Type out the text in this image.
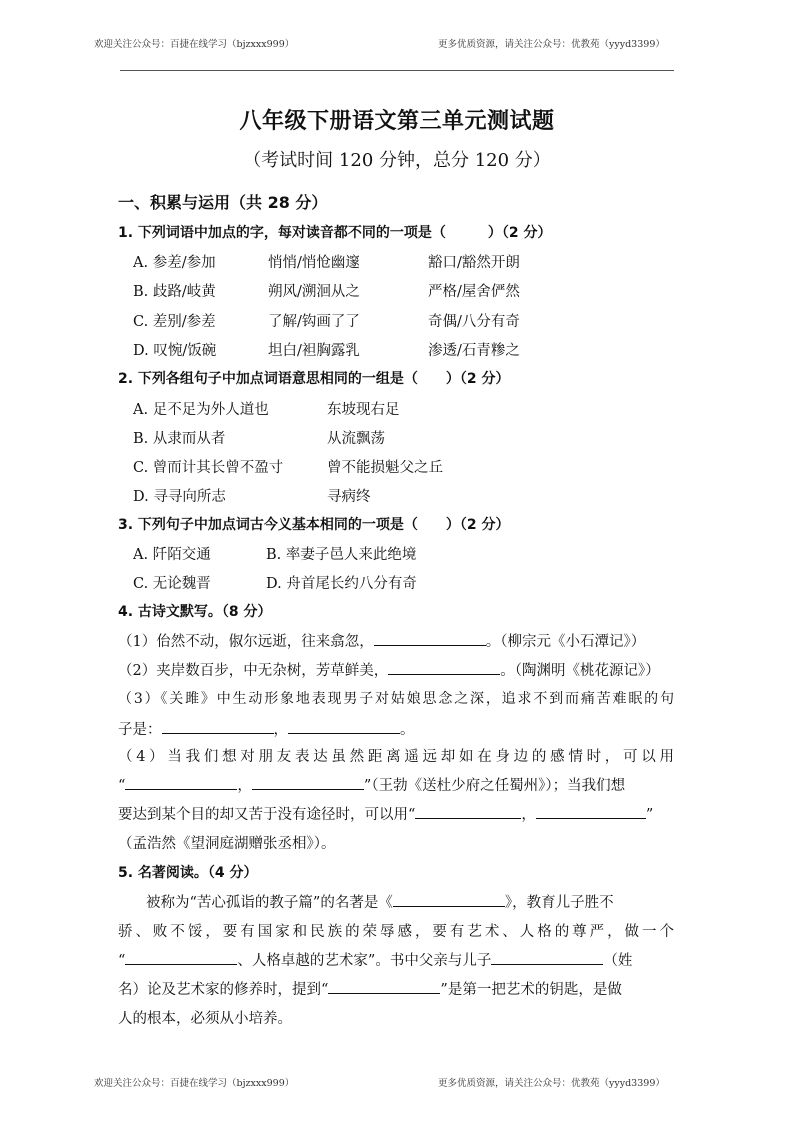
欢迎关注公众号：百捷在线学习（bjzxxx999）	更多优质资源，请关注公众号：优教苑（yyyd3399）
八年级下册语文第三单元测试题
（考试时间 120 分钟，总分 120 分）
一、积累与运用（共 28 分）
1. 下列词语中加点的字，每对读音都不同的一项是（　　　）（2 分）
A. 参差/参加	悄悄/悄怆幽邃	豁口/豁然开朗
B. 歧路/岐黄	朔风/溯洄从之	严格/屋舍俨然
C. 差别/参差	了解/钩画了了	奇偶/八分有奇
D. 叹惋/饭碗	坦白/袒胸露乳	渗透/石青糁之
2. 下列各组句子中加点词语意思相同的一组是（　　）（2 分）
A. 足不足为外人道也	东坡现右足
B. 从隶而从者	从流飘荡
C. 曾而计其长曾不盈寸	曾不能损魁父之丘
D. 寻寻向所志	寻病终
3. 下列句子中加点词古今义基本相同的一项是（　　）（2 分）
A. 阡陌交通	B. 率妻子邑人来此绝境
C. 无论魏晋	D. 舟首尾长约八分有奇
4. 古诗文默写。（8 分）
（1）佁然不动，俶尔远逝，往来翕忽，	。（柳宗元《小石潭记》）
（2）夹岸数百步，中无杂树，芳草鲜美，	。（陶渊明《桃花源记》）
（3）《关雎》中生动形象地表现男子对姑娘思念之深，追求不到而痛苦难眠的句
子是：	，	。
（4）当我们想对朋友表达虽然距离遥远却如在身边的感情时，可以用
“	，	”（王勃《送杜少府之任蜀州》）；当我们想
要达到某个目的却又苦于没有途径时，可以用“	，	”
（孟浩然《望洞庭湖赠张丞相》）。
5. 名著阅读。（4 分）
被称为“苦心孤诣的教子篇”的名著是《	》，教育儿子胜不
骄、败不馁，要有国家和民族的荣辱感，要有艺术、人格的尊严，做一个
“	、人格卓越的艺术家”。书中父亲与儿子	（姓
名）论及艺术家的修养时，提到“	”是第一把艺术的钥匙，是做
人的根本，必须从小培养。
欢迎关注公众号：百捷在线学习（bjzxxx999）	更多优质资源，请关注公众号：优教苑（yyyd3399）
